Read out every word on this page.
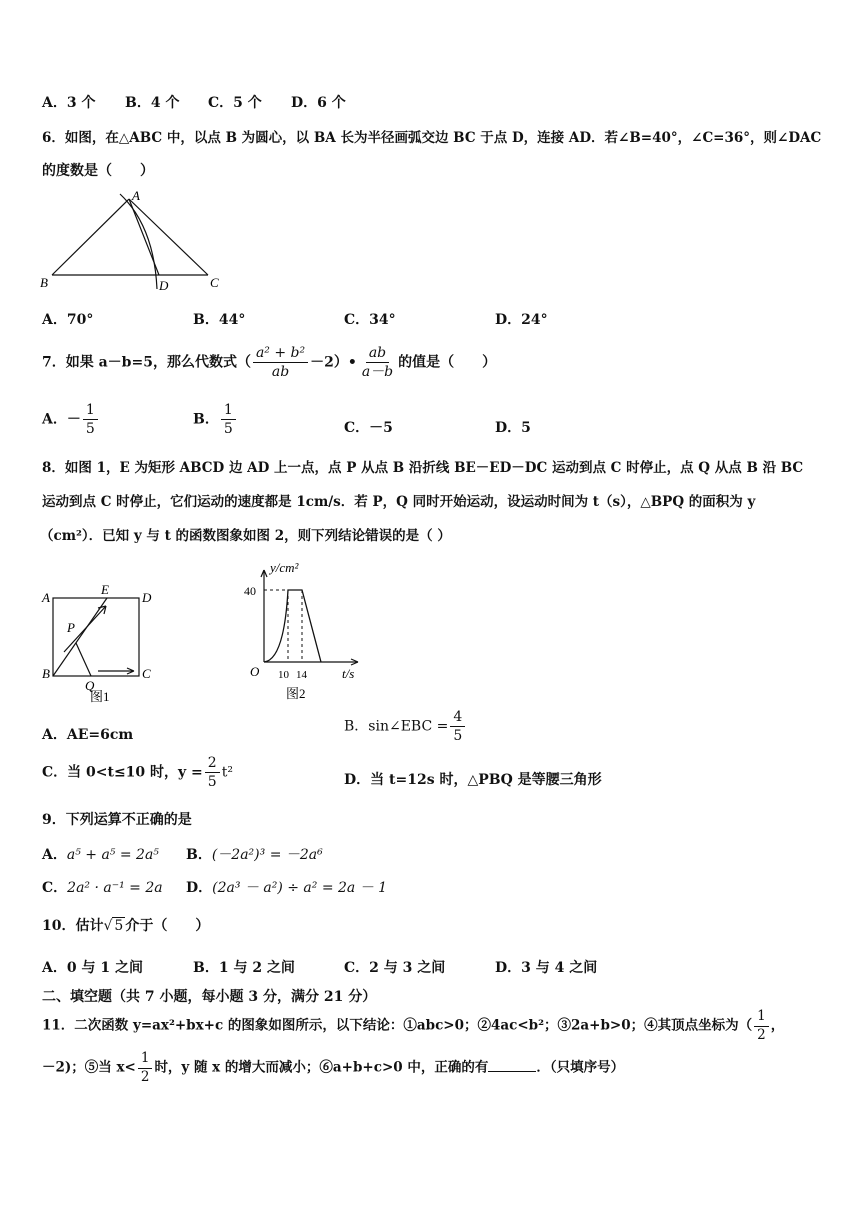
A．3 个 B．4 个 C．5 个 D．6 个
6．如图，在△ABC 中，以点 B 为圆心，以 BA 长为半径画弧交边 BC 于点 D，连接 AD．若∠B=40°，∠C=36°，则∠DAC
的度数是（　　）
A
B	D	C
A．70°	B．44°	C．34°	D．24°
7．如果 a－b=5，那么代数式（ $\frac{\text{a² + b²}}{ab}$ －2）• $\frac{ab}{a-b}$ 的值是（　　）
A．－ $\frac{1}{5}$	B． $\frac{1}{5}$	C．－5	D．5
8．如图 1，E 为矩形 ABCD 边 AD 上一点，点 P 从点 B 沿折线 BE－ED－DC 运动到点 C 时停止，点 Q 从点 B 沿 BC
运动到点 C 时停止，它们运动的速度都是 1cm/s．若 P，Q 同时开始运动，设运动时间为 t（s），△BPQ 的面积为 y
（cm²）．已知 y 与 t 的函数图象如图 2，则下列结论错误的是（ ）
A
E
D
P
B
Q
C
图1
y/cm²
40
O 10 14	t/s
图2
A．AE=6cm
B．sin∠EBC = $\frac{4}{5}$
C．当 0<t≤10 时，$y = \frac{2}{5} t^2$	D．当 t=12s 时，△PBQ 是等腰三角形
9．下列运算不正确的是
A．a⁵ + a⁵ = 2a⁵ B．(－2a²)³ = －2a⁶
C．2a² · a⁻¹ = 2a D．(2a³ － a²) ÷ a² = 2a － 1
10．估计√ 5 介于（　　）
A．0 与 1 之间	B．1 与 2 之间	C．2 与 3 之间	D．3 与 4 之间
二、填空题（共 7 小题，每小题 3 分，满分 21 分）
11．二次函数 y=ax²+bx+c 的图象如图所示，以下结论：①abc>0；②4ac<b²；③2a+b>0；④其顶点坐标为（ $\frac{1}{2}$ ，
－2)；⑤当 $x< \frac{1}{2}$ 时，y 随 x 的增大而减小；⑥a+b+c>0 中，正确的有	．（只填序号）
